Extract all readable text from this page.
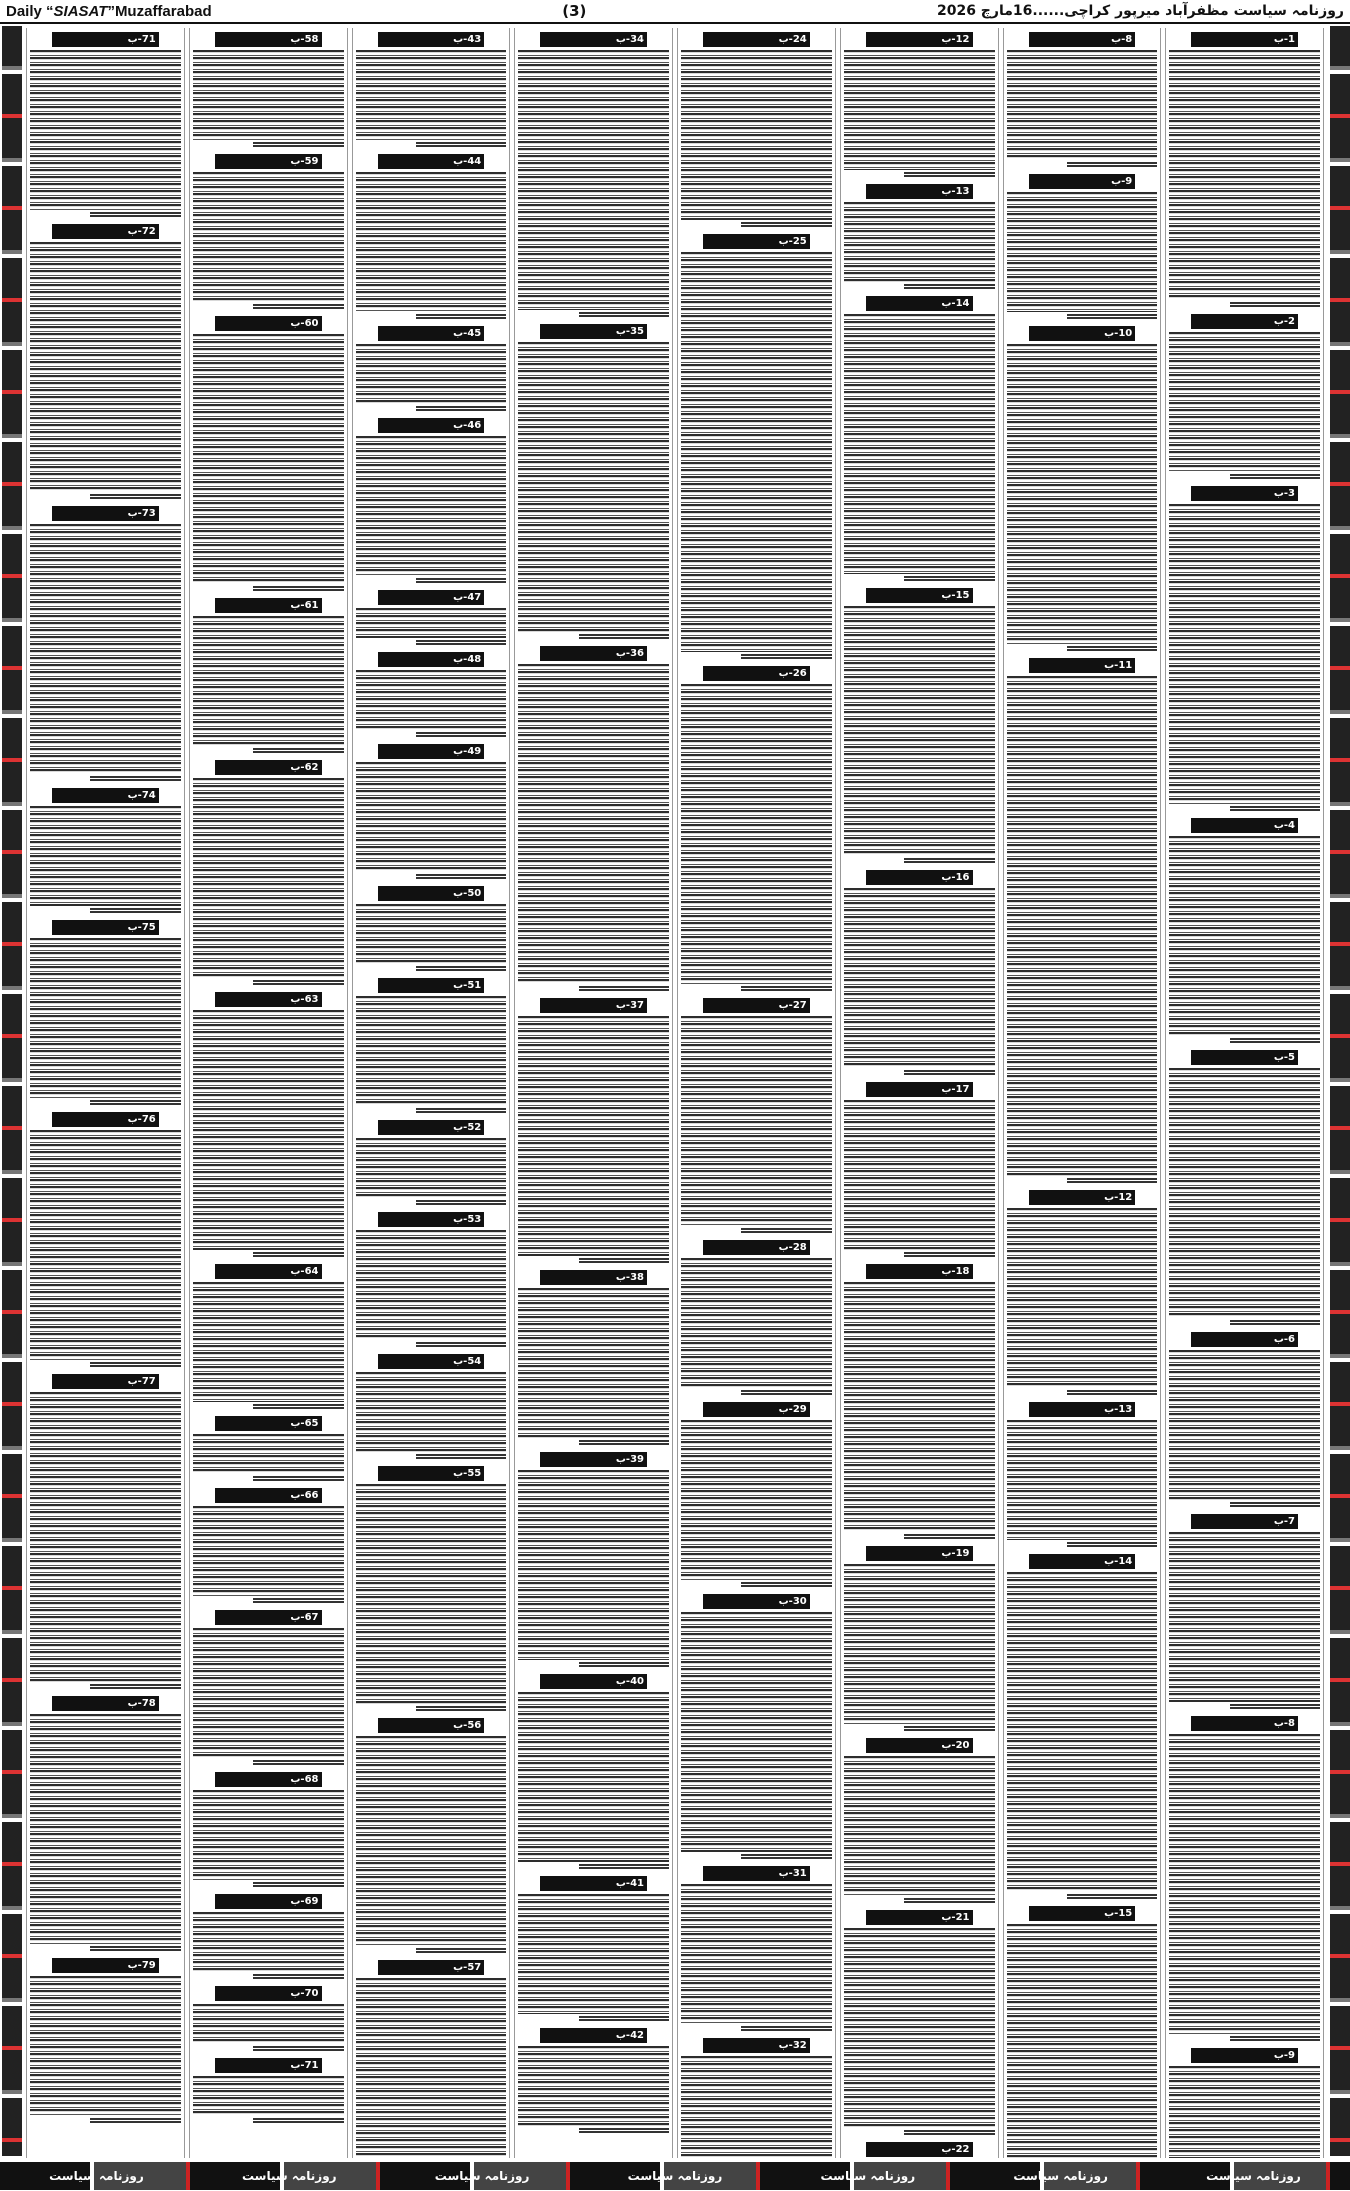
Daily “SIASAT”Muzaffarabad	(3)	روزنامہ سیاست مظفرآباد میرپور کراچی......16مارچ 2026
1-ب
2-ب
3-ب
4-ب
5-ب
6-ب
7-ب
8-ب
9-ب
8-ب
9-ب
10-ب
11-ب
12-ب
13-ب
14-ب
15-ب
12-ب
13-ب
14-ب
15-ب
16-ب
17-ب
18-ب
19-ب
20-ب
21-ب
22-ب
24-ب
25-ب
26-ب
27-ب
28-ب
29-ب
30-ب
31-ب
32-ب
34-ب
35-ب
36-ب
37-ب
38-ب
39-ب
40-ب
41-ب
42-ب
43-ب
44-ب
45-ب
46-ب
47-ب
48-ب
49-ب
50-ب
51-ب
52-ب
53-ب
54-ب
55-ب
56-ب
57-ب
58-ب
59-ب
60-ب
61-ب
62-ب
63-ب
64-ب
65-ب
66-ب
67-ب
68-ب
69-ب
70-ب
71-ب
71-ب
72-ب
73-ب
74-ب
75-ب
76-ب
77-ب
78-ب
79-ب
روزنامہ سیاست	روزنامہ سیاست	روزنامہ سیاست	روزنامہ سیاست	روزنامہ سیاست	روزنامہ سیاست	روزنامہ سیاست
